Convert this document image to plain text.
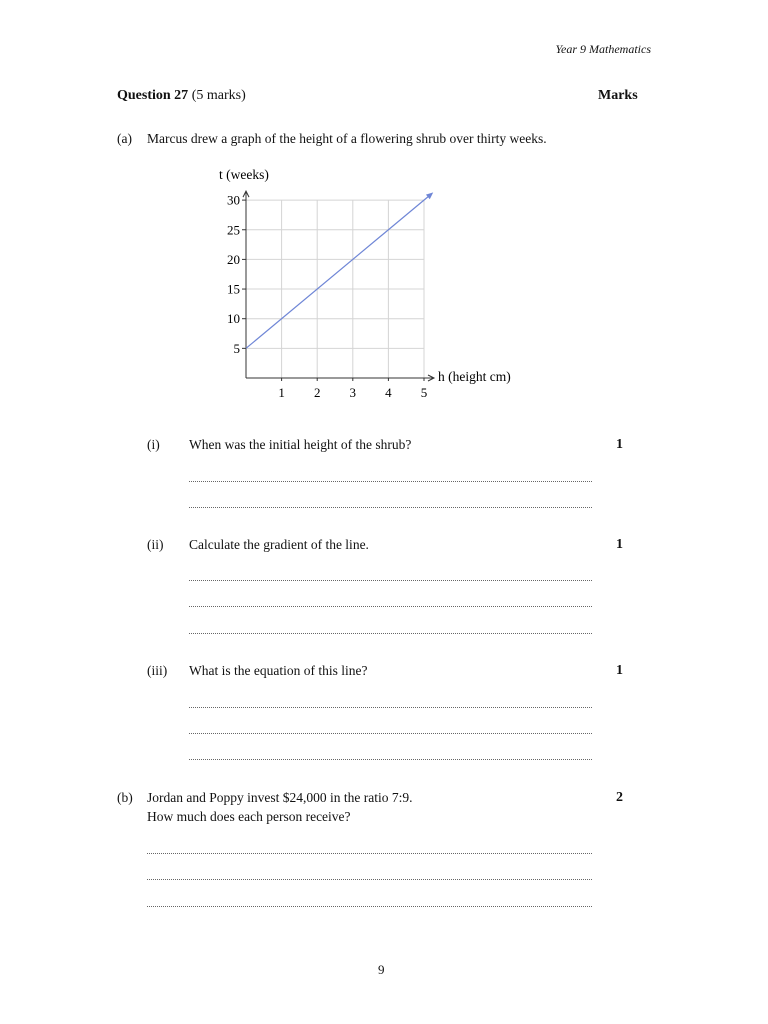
Year 9 Mathematics
Question 27 (5 marks)	Marks
(a) Marcus drew a graph of the height of a flowering shrub over thirty weeks.
1 2 3 4 5
5
10
15
20
25
30
t (weeks)
h (height cm)
(i) When was the initial height of the shrub?	1
(ii) Calculate the gradient of the line.	1
(iii) What is the equation of this line?	1
(b) Jordan and Poppy invest $24,000 in the ratio 7:9.
How much does each person receive?
2
9
